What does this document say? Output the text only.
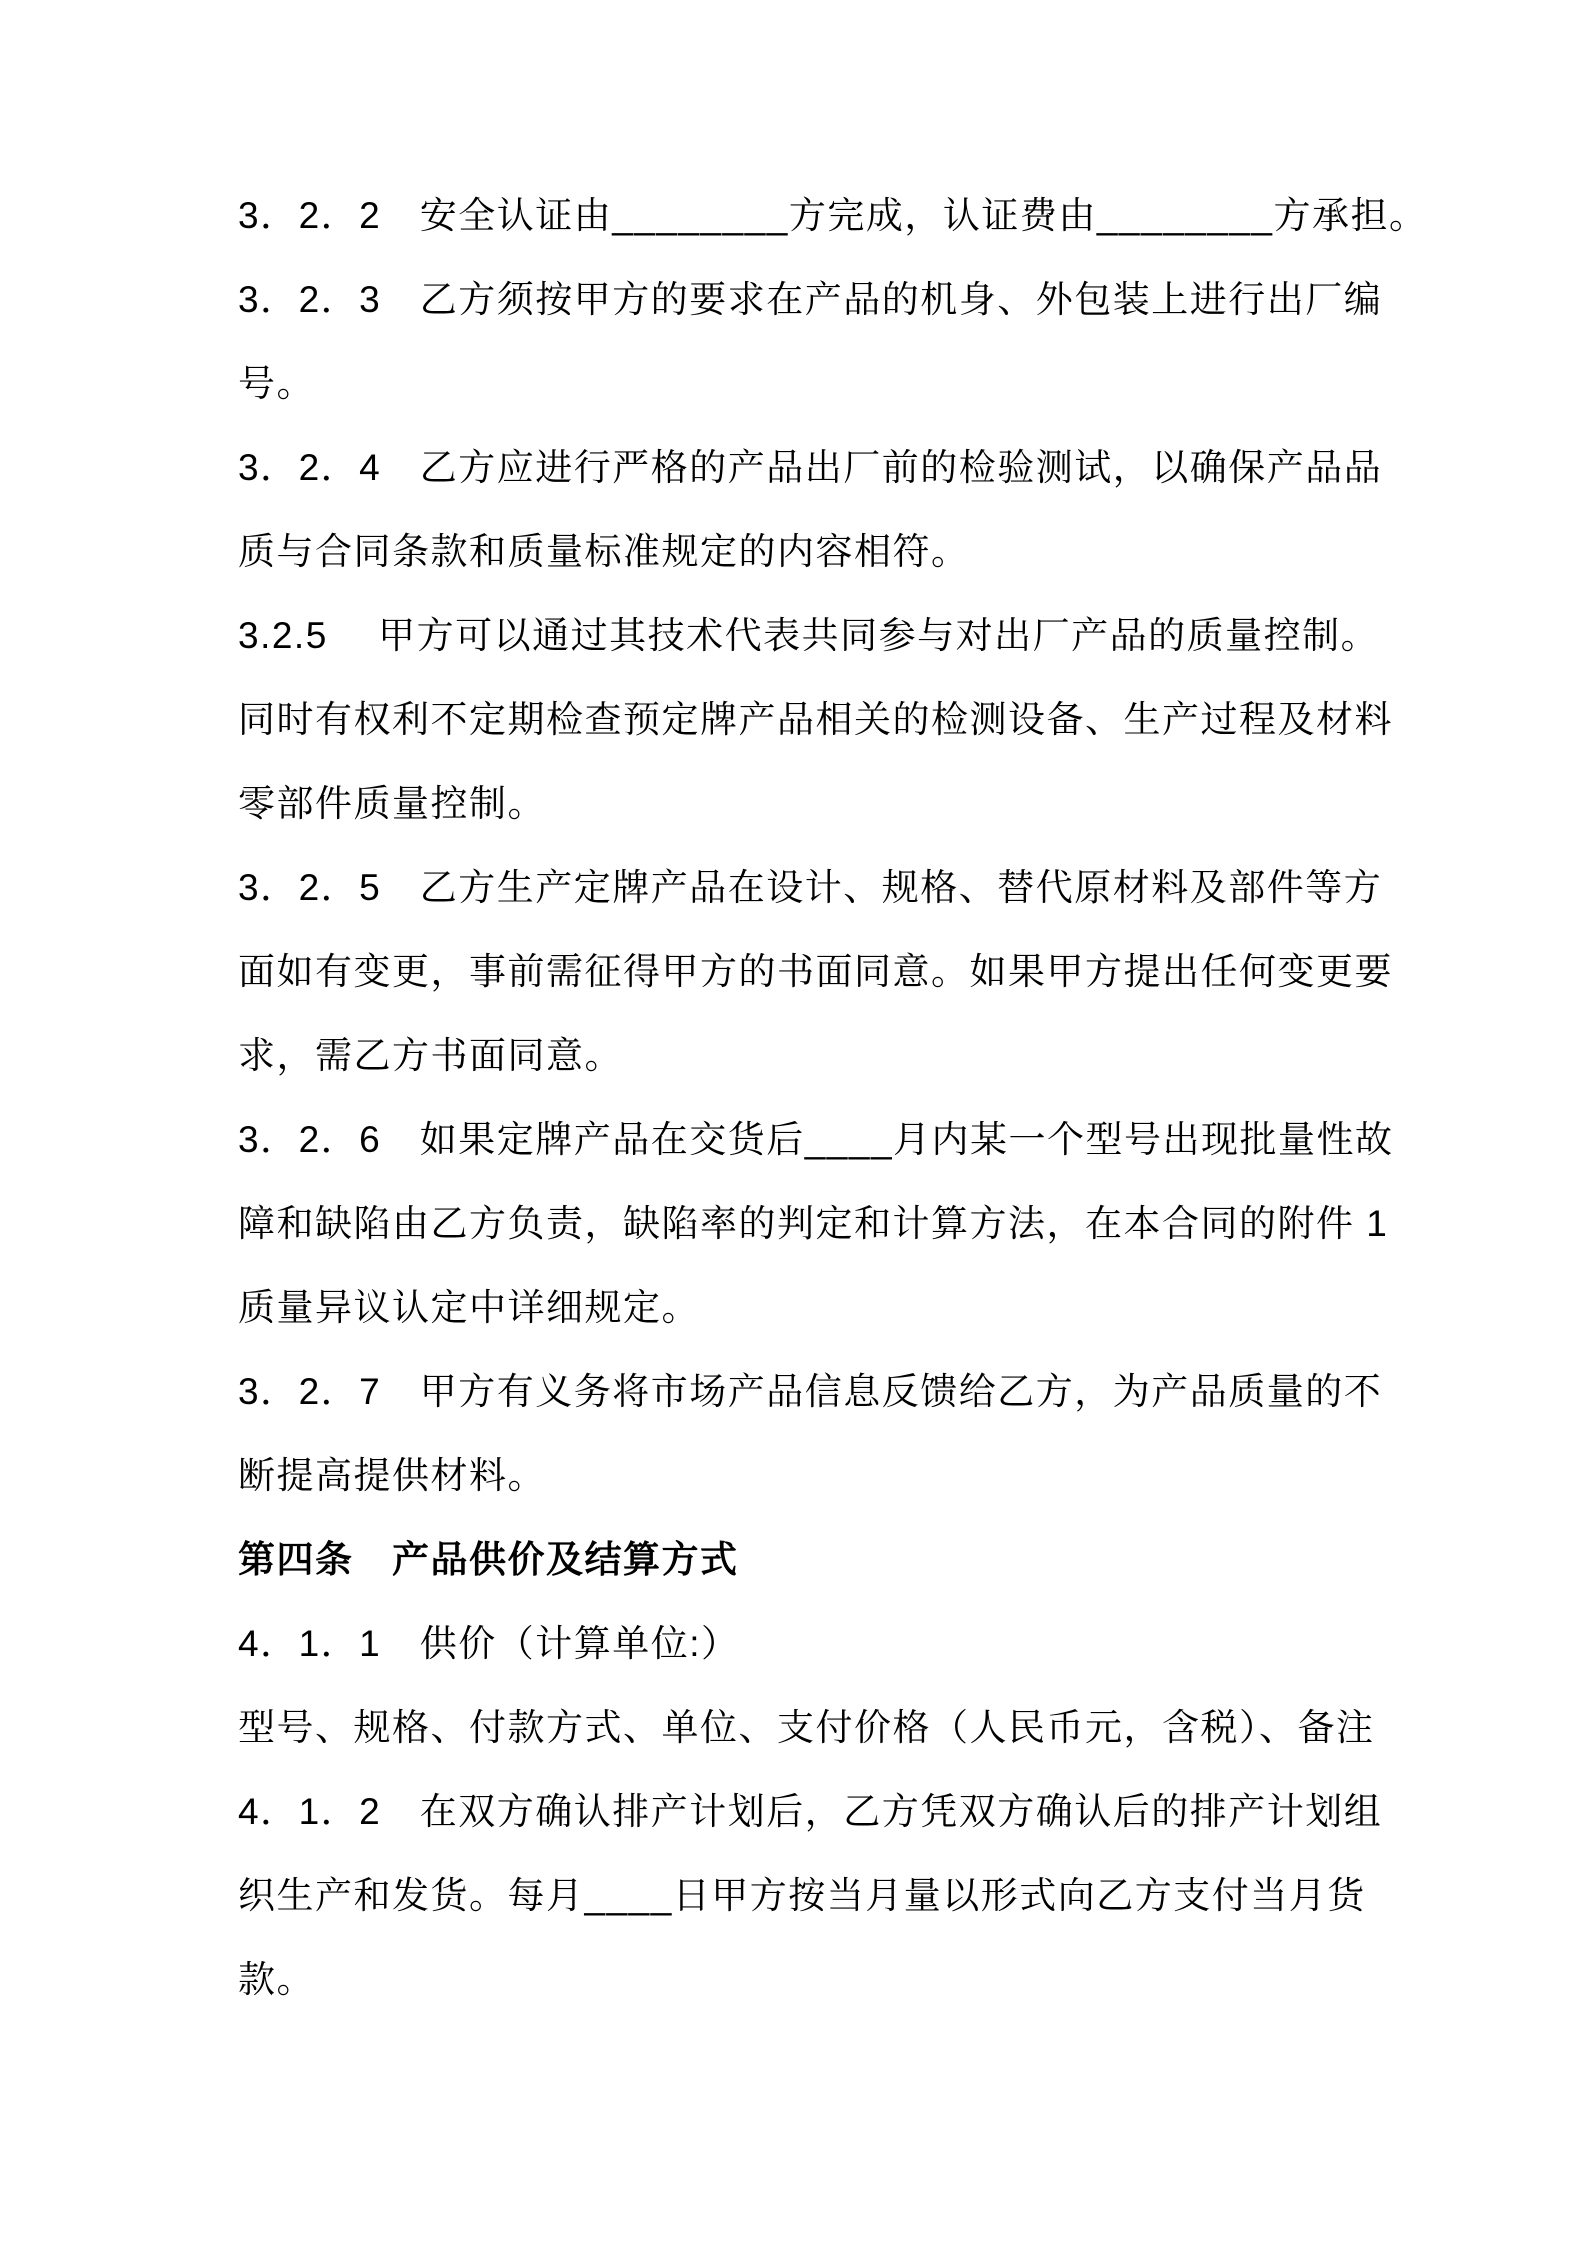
3．2．2　安全认证由________方完成，认证费由________方承担。
3．2．3　乙方须按甲方的要求在产品的机身、外包装上进行出厂编
号。
3．2．4　乙方应进行严格的产品出厂前的检验测试，以确保产品品
质与合同条款和质量标准规定的内容相符。
3.2.5　 甲方可以通过其技术代表共同参与对出厂产品的质量控制。
同时有权利不定期检查预定牌产品相关的检测设备、生产过程及材料
零部件质量控制。
3．2．5　乙方生产定牌产品在设计、规格、替代原材料及部件等方
面如有变更，事前需征得甲方的书面同意。如果甲方提出任何变更要
求，需乙方书面同意。
3．2．6　如果定牌产品在交货后____月内某一个型号出现批量性故
障和缺陷由乙方负责，缺陷率的判定和计算方法，在本合同的附件 1
质量异议认定中详细规定。
3．2．7　甲方有义务将市场产品信息反馈给乙方，为产品质量的不
断提高提供材料。
第四条　产品供价及结算方式
4．1．1　供价（计算单位:）
型号、规格、付款方式、单位、支付价格（人民币元，含税）、备注
4．1．2　在双方确认排产计划后，乙方凭双方确认后的排产计划组
织生产和发货。每月____日甲方按当月量以形式向乙方支付当月货
款。
